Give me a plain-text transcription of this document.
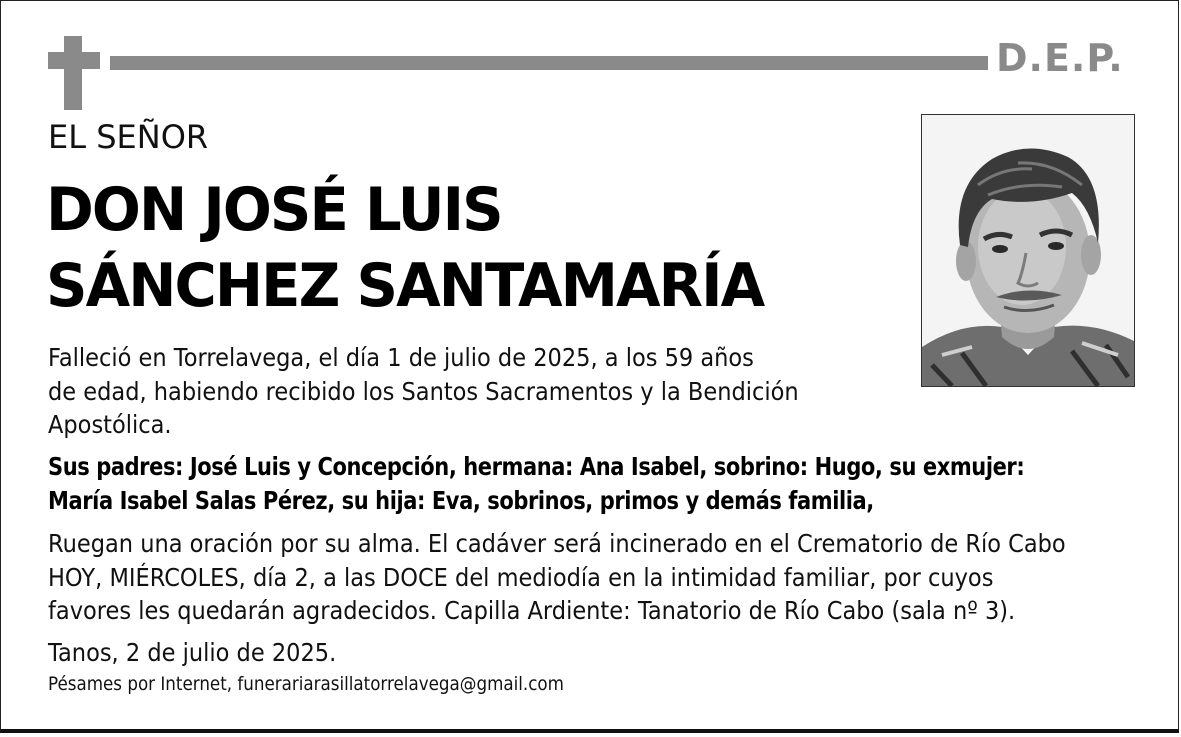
D.E.P.
EL SEÑOR
DON JOSÉ LUIS
SÁNCHEZ SANTAMARÍA
Falleció en Torrelavega, el día 1 de julio de 2025, a los 59 años
de edad, habiendo recibido los Santos Sacramentos y la Bendición
Apostólica.
Sus padres: José Luis y Concepción, hermana: Ana Isabel, sobrino: Hugo, su exmujer:
María Isabel Salas Pérez, su hija: Eva, sobrinos, primos y demás familia,
Ruegan una oración por su alma. El cadáver será incinerado en el Crematorio de Río Cabo
HOY, MIÉRCOLES, día 2, a las DOCE del mediodía en la intimidad familiar, por cuyos
favores les quedarán agradecidos. Capilla Ardiente: Tanatorio de Río Cabo (sala nº 3).
Tanos, 2 de julio de 2025.
Pésames por Internet, funerariarasillatorrelavega@gmail.com
